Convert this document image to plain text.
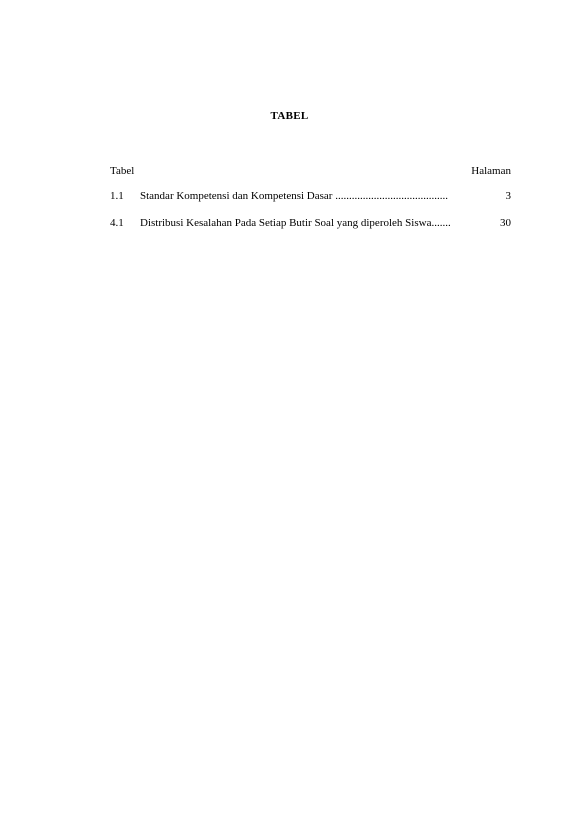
TABEL
Tabel	Halaman
1.1 Standar Kompetensi dan Kompetensi Dasar .........................................	3
4.1 Distribusi Kesalahan Pada Setiap Butir Soal yang diperoleh Siswa.......	30
